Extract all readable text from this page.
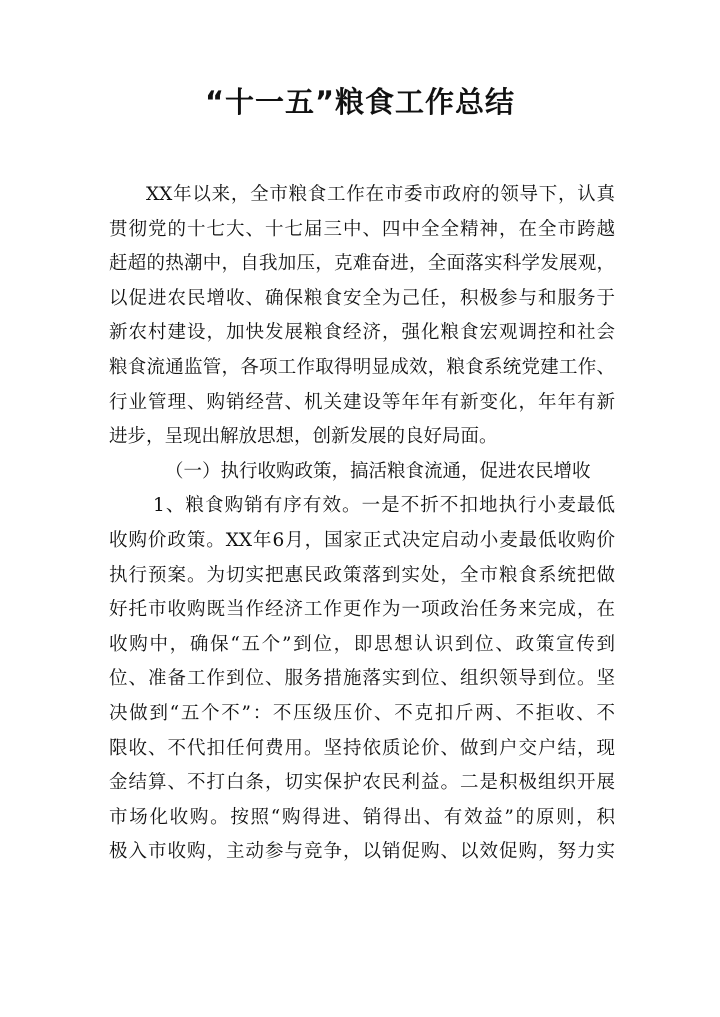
“十一五”粮食工作总结
XX年以来，全市粮食工作在市委市政府的领导下，认真
贯彻党的十七大、十七届三中、四中全全精神，在全市跨越
赶超的热潮中，自我加压，克难奋进，全面落实科学发展观，
以促进农民增收、确保粮食安全为己任，积极参与和服务于
新农村建设，加快发展粮食经济，强化粮食宏观调控和社会
粮食流通监管，各项工作取得明显成效，粮食系统党建工作、
行业管理、购销经营、机关建设等年年有新变化，年年有新
进步，呈现出解放思想，创新发展的良好局面。
（一）执行收购政策，搞活粮食流通，促进农民增收
1、粮食购销有序有效。一是不折不扣地执行小麦最低
收购价政策。XX年6月，国家正式决定启动小麦最低收购价
执行预案。为切实把惠民政策落到实处，全市粮食系统把做
好托市收购既当作经济工作更作为一项政治任务来完成，在
收购中，确保“五个”到位，即思想认识到位、政策宣传到
位、准备工作到位、服务措施落实到位、组织领导到位。坚
决做到“五个不”：不压级压价、不克扣斤两、不拒收、不
限收、不代扣任何费用。坚持依质论价、做到户交户结，现
金结算、不打白条，切实保护农民利益。二是积极组织开展
市场化收购。按照“购得进、销得出、有效益”的原则，积
极入市收购，主动参与竞争，以销促购、以效促购，努力实
